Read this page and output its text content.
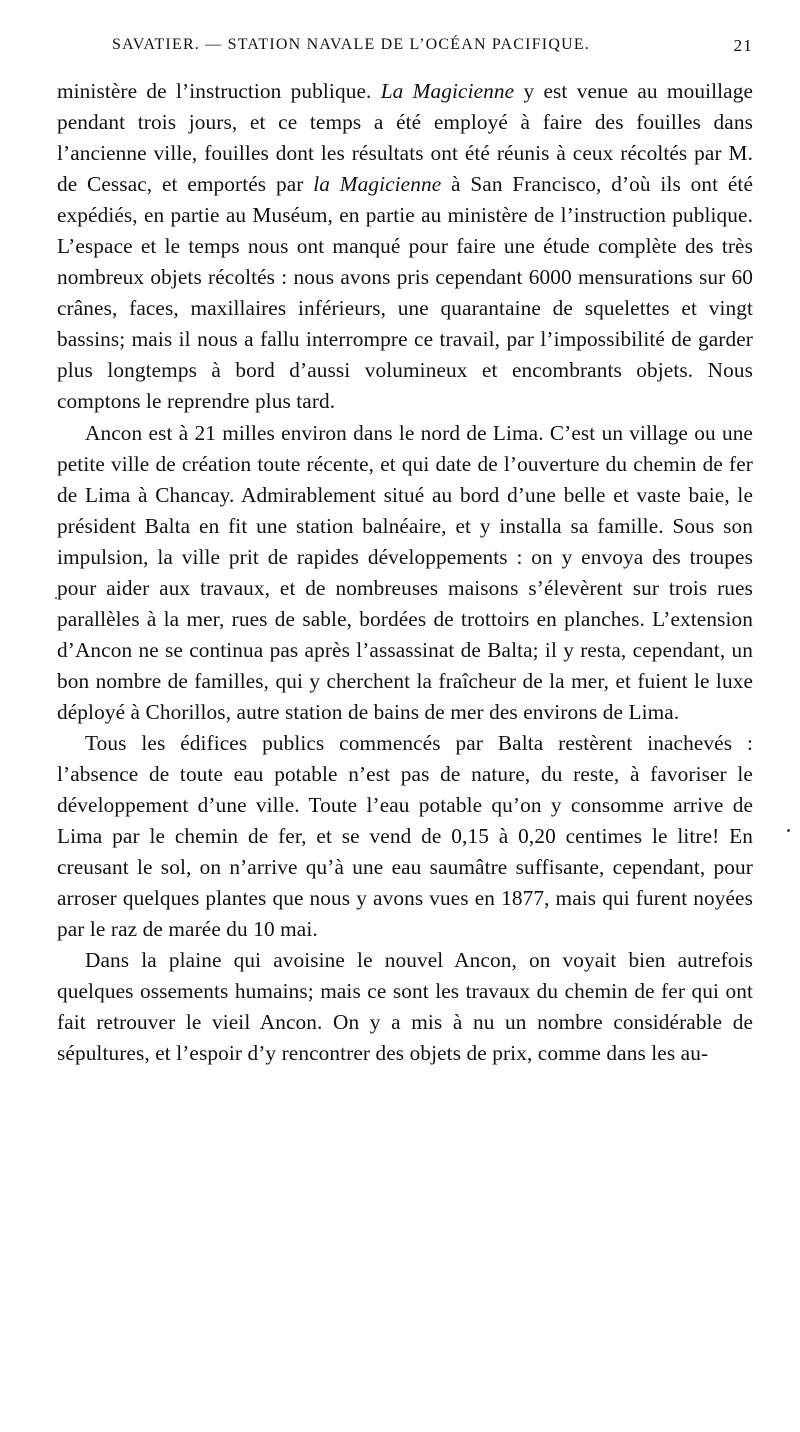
SAVATIER. — STATION NAVALE DE L’OCÉAN PACIFIQUE.	21

ministère de l’instruction publique. La Magicienne y est venue au mouillage pendant trois jours, et ce temps a été employé à faire des fouilles dans l’ancienne ville, fouilles dont les résultats ont été réunis à ceux récoltés par M. de Cessac, et emportés par la Magicienne à San Francisco, d’où ils ont été expédiés, en partie au Muséum, en partie au ministère de l’instruction publique. L’espace et le temps nous ont manqué pour faire une étude complète des très nombreux objets récoltés : nous avons pris cependant 6000 mensurations sur 60 crânes, faces, maxillaires inférieurs, une quarantaine de squelettes et vingt bassins; mais il nous a fallu interrompre ce travail, par l’impossibilité de garder plus longtemps à bord d’aussi volumineux et encombrants objets. Nous comptons le reprendre plus tard.

Ancon est à 21 milles environ dans le nord de Lima. C’est un village ou une petite ville de création toute récente, et qui date de l’ouverture du chemin de fer de Lima à Chancay. Admirablement situé au bord d’une belle et vaste baie, le président Balta en fit une station balnéaire, et y installa sa famille. Sous son impulsion, la ville prit de rapides développements : on y envoya des troupes pour aider aux travaux, et de nombreuses maisons s’élevèrent sur trois rues parallèles à la mer, rues de sable, bordées de trottoirs en planches. L’extension d’Ancon ne se continua pas après l’assassinat de Balta; il y resta, cependant, un bon nombre de familles, qui y cherchent la fraîcheur de la mer, et fuient le luxe déployé à Chorillos, autre station de bains de mer des environs de Lima.

Tous les édifices publics commencés par Balta restèrent inachevés : l’absence de toute eau potable n’est pas de nature, du reste, à favoriser le développement d’une ville. Toute l’eau potable qu’on y consomme arrive de Lima par le chemin de fer, et se vend de 0,15 à 0,20 centimes le litre! En creusant le sol, on n’arrive qu’à une eau saumâtre suffisante, cependant, pour arroser quelques plantes que nous y avons vues en 1877, mais qui furent noyées par le raz de marée du 10 mai.

Dans la plaine qui avoisine le nouvel Ancon, on voyait bien autrefois quelques ossements humains; mais ce sont les travaux du chemin de fer qui ont fait retrouver le vieil Ancon. On y a mis à nu un nombre considérable de sépultures, et l’espoir d’y rencontrer des objets de prix, comme dans les au-
